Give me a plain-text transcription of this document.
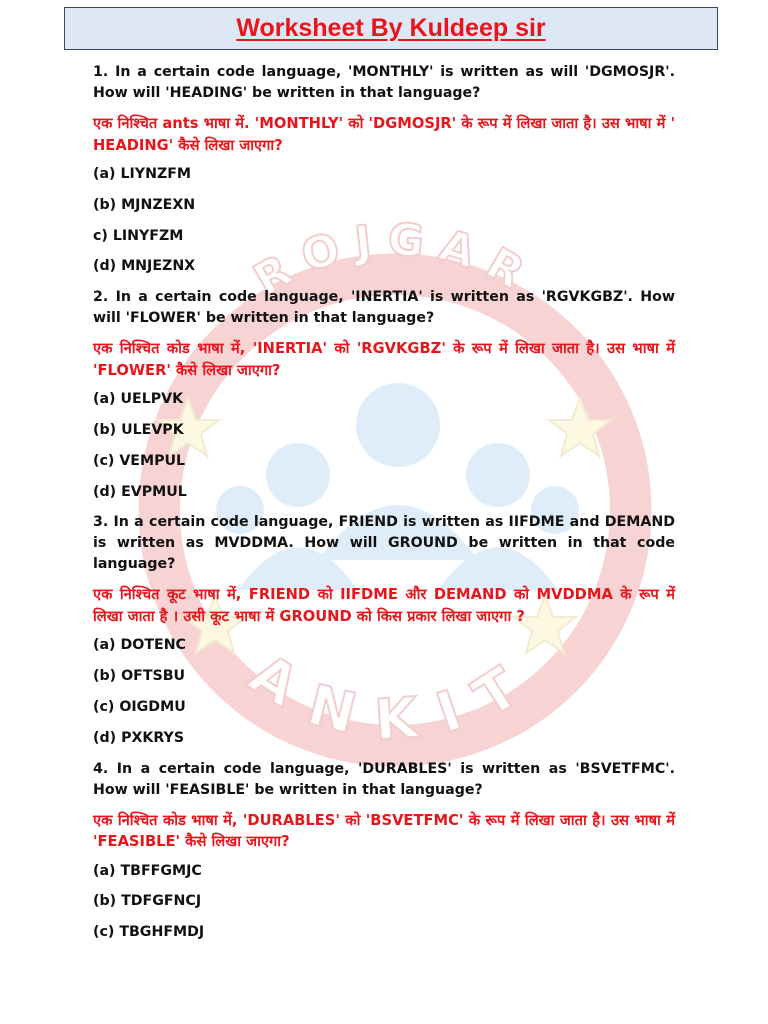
ROJGAR
ANKIT
Worksheet By Kuldeep sir

1. In a certain code language, 'MONTHLY' is written as will 'DGMOSJR'. How will 'HEADING' be written in that language?

एक निश्चित ants भाषा में. 'MONTHLY' को 'DGMOSJR' के रूप में लिखा जाता है। उस भाषा में ' HEADING' कैसे लिखा जाएगा?

(a) LIYNZFM
(b) MJNZEXN
c) LINYFZM
(d) MNJEZNX

2. In a certain code language, 'INERTIA' is written as 'RGVKGBZ'. How will 'FLOWER' be written in that language?

एक निश्चित कोड भाषा में, 'INERTIA' को 'RGVKGBZ' के रूप में लिखा जाता है। उस भाषा में 'FLOWER' कैसे लिखा जाएगा?

(a) UELPVK
(b) ULEVPK
(c) VEMPUL
(d) EVPMUL

3. In a certain code language, FRIEND is written as IIFDME and DEMAND is written as MVDDMA. How will GROUND be written in that code language?

एक निश्चित कूट भाषा में, FRIEND को IIFDME और DEMAND को MVDDMA के रूप में लिखा जाता है । उसी कूट भाषा में GROUND को किस प्रकार लिखा जाएगा ?

(a) DOTENC
(b) OFTSBU
(c) OIGDMU
(d) PXKRYS

4. In a certain code language, 'DURABLES' is written as 'BSVETFMC'. How will 'FEASIBLE' be written in that language?

एक निश्चित कोड भाषा में, 'DURABLES' को 'BSVETFMC' के रूप में लिखा जाता है। उस भाषा में 'FEASIBLE' कैसे लिखा जाएगा?

(a) TBFFGMJC
(b) TDFGFNCJ
(c) TBGHFMDJ
